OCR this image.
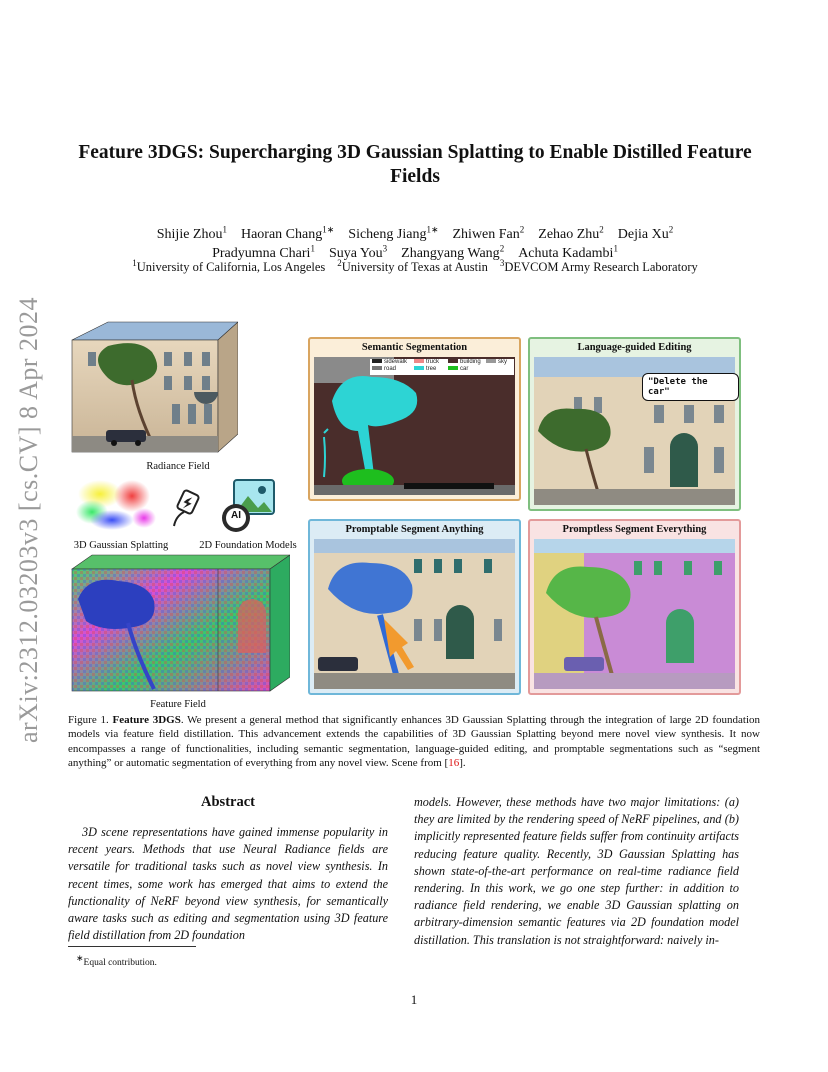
arXiv:2312.03203v3 [cs.CV] 8 Apr 2024
Feature 3DGS: Supercharging 3D Gaussian Splatting to Enable Distilled Feature Fields
Shijie Zhou$^1$ Haoran Chang$^{1∗}$ Sicheng Jiang$^{1∗}$ Zhiwen Fan$^2$ Zehao Zhu$^2$ Dejia Xu$^2$
Pradyumna Chari$^1$ Suya You$^3$ Zhangyang Wang$^2$ Achuta Kadambi$^1$
$^1$University of California, Los Angeles $^2$University of Texas at Austin $^3$DEVCOM Army Research Laboratory
Radiance Field
AI
3D Gaussian Splatting	2D Foundation Models
Feature Field
Semantic Segmentation
sidewalk	truck	building	sky
road	tree	car
Language-guided Editing
"Delete the car"
Promptable Segment Anything	Promptless Segment Everything
Figure 1. Feature 3DGS. We present a general method that significantly enhances 3D Gaussian Splatting through the integration of large 2D foundation models via feature field distillation. This advancement extends the capabilities of 3D Gaussian Splatting beyond mere novel view synthesis. It now encompasses a range of functionalities, including semantic segmentation, language-guided editing, and promptable segmentations such as “segment anything” or automatic segmentation of everything from any novel view. Scene from [16].
Abstract
3D scene representations have gained immense popularity in recent years. Methods that use Neural Radiance fields are versatile for traditional tasks such as novel view synthesis. In recent times, some work has emerged that aims to extend the functionality of NeRF beyond view synthesis, for semantically aware tasks such as editing and segmentation using 3D feature field distillation from 2D foundation
models. However, these methods have two major limitations: (a) they are limited by the rendering speed of NeRF pipelines, and (b) implicitly represented feature fields suffer from continuity artifacts reducing feature quality. Recently, 3D Gaussian Splatting has shown state-of-the-art performance on real-time radiance field rendering. In this work, we go one step further: in addition to radiance field rendering, we enable 3D Gaussian splatting on arbitrary-dimension semantic features via 2D foundation model distillation. This translation is not straightforward: naively in-
∗Equal contribution.
1
